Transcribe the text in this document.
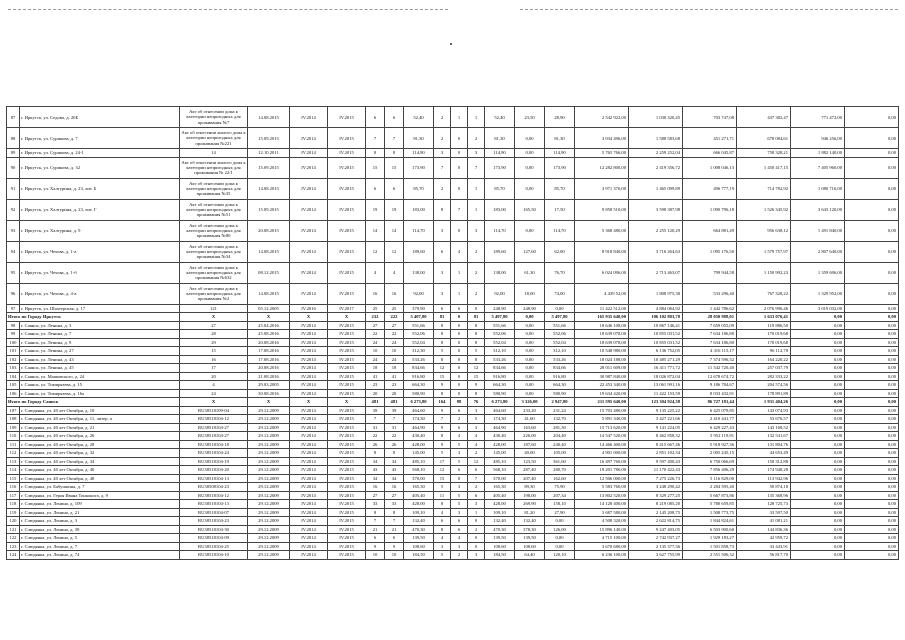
87	г. Иркутск, ул. Седова, д. 20Б	Акт об отнесении дома к категории непригодных для проживания №7	14.08.2015	IV.2014	IV.2015	6	6	52,40	2	1	1	52,40	23,50	28,90	2 542 922,00	1 030 320,45	703 747,08	437 382,47	771 472,00	0,00
88	г. Иркутск, ул. Сурикова, д. 7	Акт об отнесении жилого дома к категории непригодных для проживания №221	15.09.2015	IV.2014	IV.2015	7	7	81,30	2	0	2	81,30	0,00	81,30	3 034 496,00	1 588 583,68	451 271,71	678 084,61	946 256,00	0,00
89	г. Иркутск, ул. Сурикова, д. 24-1	14	12.10.2011	IV.2014	IV.2015	8	8	114,90	3	0	3	114,90	0,00	114,90	5 765 766,00	2 259 252,04	666 045,87	758 328,21	1 882 140,00	0,00
90	г. Иркутск, ул. Сурикова, д. 32	Акт об отнесении жилого дома к категории непригодных для проживания № 22/1	15.09.2015	IV.2014	IV.2015	15	15	173,90	7	0	7	173,90	0,00	173,90	12 282 800,00	2 419 356,72	1 008 046,13	1 450 417,15	7 405 960,00	0,00
91	г. Иркутск, ул. Халтурина, д. 23, лит. Б	Акт об отнесении дома к категории непригодных для проживания №35	14.08.2015	IV.2014	IV.2015	6	6	85,70	2	0	1	85,70	0,00	85,70	3 971 376,00	1 465 099,89	496 777,19	714 782,92	1 080 716,00	0,00
92	г. Иркутск, ул. Халтурина, д. 23, лит. Г	Акт об отнесении дома к категории непригодных для проживания №51	15.09.2015	IV.2014	IV.2015	19	19	183,00	8	7	1	183,00	165,50	17,50	9 858 510,00	3 598 387,98	1 090 796,18	1 526 345,92	3 643 120,00	0,00
93	г. Иркутск, ул. Халтурина, д. 9	Акт об отнесении дома к категории непригодных для проживания №80	20.08.2015	IV.2014	IV.2015	14	14	114,70	3	0	3	114,70	0,00	114,70	5 368 480,00	2 255 120,29	664 881,49	956 638,12	1 491 840,00	0,00
94	г. Иркутск, ул. Чехова, д. 1-а	Акт об отнесении дома к категории непригодных для проживания №34	14.08.2015	IV.2014	IV.2015	12	12	189,60	6	4	2	189,60	127,60	62,00	8 918 840,00	3 716 264,63	1 095 176,50	1 579 757,97	2 807 640,00	0,00
95	г. Иркутск, ул. Чехова, д. 1-б	Акт об отнесении дома к категории непригодных для проживания №632	08.12.2015	IV.2014	IV.2015	4	4	138,00	3	1	2	138,00	61,30	76,70	6 024 096,00	2 713 463,07	799 944,58	1 150 992,23	1 359 696,00	0,00
96	г. Иркутск, ул. Чехова, д. 4-а	Акт об отнесении дома к категории непригодных для проживания №2	14.08.2015	IV.2014	IV.2015	16	16	92,00	3	1	2	92,00	18,00	74,00	4 439 52,00	1 808 975,38	533 296,40	767 328,22	1 329 952,00	0,00
97	г. Иркутск, ул. Шахтерская, д. 17	121	05.12.2005	IV.2016	IV.2017	25	25	379,90	6	6	0	248,90	248,90	0,00	11 422 512,00	4 884 064,92	1 442 786,62	2 076 996,46	3 019 032,00	0,00
Итого по Городу Иркутск		X	X	X	X	232	222	5 407,80	81	0	81	5 497,80	0,00	5 497,80	165 935 640,00	106 102 803,78	28 050 988,01	1 633 076,41	0,00	0,00
98	г. Саянск, ул. Ленина, д. 3	27	25.04.2016	IV.2014	IV.2015	27	27	551,66	8	0	8	551,66	0,00	551,66	18 646 108,00	10 867 146,41	7 659 055,09	119 886,50	0,00	0,00
99	г. Саянск, ул. Ленина, д. 7	28	25.08.2016	IV.2014	IV.2015	22	22	552,06	8	0	8	552,06	0,00	552,06	18 639 078,00	10 855 031,52	7 634 186,80	170 019,68	0,00	0,00
100	г. Саянск, ул. Ленина, д. 9	29	20.08.2016	IV.2014	IV.2015	24	24	552,04	8	0	8	552,04	0,00	552,04	18 639 078,00	10 855 031,52	7 634 186,80	170 019,68	0,00	0,00
101	г. Саянск, ул. Ленина, д. 27	15	17.08.2016	IV.2014	IV.2015	10	10	312,30	5	0	5	312,10	0,00	312,10	10 548 980,00	6 136 752,05	4 316 115,17	96 112,78	0,00	0,00
102	г. Саянск, ул. Ленина, д. 43	16	17.08.2016	IV.2014	IV.2015	24	24	533,26	8	0	8	533,26	0,00	533,26	18 024 188,00	10 485 271,29	7 374 596,52	164 220,22	0,00	0,00
103	г. Саянск, ул. Ленина, д. 45	17	20.08.2016	IV.2014	IV.2015	18	18	834,66	12	0	12	834,66	0,00	834,66	28 011 609,00	16 411 771,72	11 542 720,40	257 037,79	0,00	0,00
104	г. Саянск, ул. Маяковского, д. 24	20	21.08.2016	IV.2014	IV.2015	41	41	916,80	15	0	15	916,80	0,00	916,80	30 987 840,00	18 026 872,04	12 678 674,72	282 333,22	0,00	0,00
105	г. Саянск, ул. Тимирязева, д. 15	4	29.03.2005	IV.2014	IV.2015	23	23	664,30	9	0	9	664,30	0,00	664,30	22 453 340,00	13 061 991,16	9 186 784,67	204 574,56	0,00	0,00
106	г. Саянск, ул. Тимирязева, д. 16а	24	30.08.2016	IV.2014	IV.2015	20	20	580,90	8	0	8	580,90	0,00	580,90	19 634 420,00	11 422 153,59	8 033 432,91	178 891,89	0,00	0,00
Итого по Городу Саянск		X	X	X	X	481	481	6 273,80	164	88	76	6 273,80	3 326,00	2 947,80	211 595 640,00	123 304 924,38	86 727 181,44	1 931 404,26	0,00	0,00
107	г. Слюдянка, ул. 40 лет Октября, д. 10	RU38518109-04	29.12.2009	IV.2014	IV.2015	39	39	464,60	9	6	3	464,60	233,20	231,24	15 703 480,00	9 135 225,22	6 425 079,85	143 074,93	0,00	0,00
108	г. Слюдянка, ул. 40 лет Октября, д. 11, литер. а	RU38518104-12	29.12.2009	IV.2014	IV.2015	7	7	174,30	7	2	5	174,30	41,60	132,70	5 891 340,00	3 427 221,66	2 410 441,77	53 676,57	0,00	0,00
109	г. Слюдянка, ул. 40 лет Октября, д. 21	RU38518104-27	29.12.2009	IV.2014	IV.2015	31	31	464,90	9	6	3	464,90	163,60	281,30	15 713 620,00	9 141 224,05	6 429 227,43	143 168,52	0,00	0,00
110	г. Слюдянка, ул. 40 лет Октября, д. 26	RU38518104-27	29.12.2009	IV.2014	IV.2015	22	22	430,40	8	4	4	430,40	226,00	204,40	14 547 520,00	8 462 858,32	5 952 119,91	132 541,67	0,00	0,00
111	г. Слюдянка, ул. 40 лет Октября, д. 28	RU38518104-18	29.12.2009	IV.2014	IV.2015	26	26	428,00	9	5	4	428,00	187,60	240,40	14 466 400,00	8 415 667,46	5 918 927,36	131 804,76	0,00	0,00
112	г. Слюдянка, ул. 40 лет Октября, д. 32	RU38518104-24	29.12.2009	IV.2014	IV.2015	8	8	145,00	5	3	2	145,00	40,00	105,00	4 901 000,00	2 851 102,34	2 005 245,15	44 653,49	0,00	0,00
113	г. Слюдянка, ул. 40 лет Октября, д. 34	RU38518104-19	29.12.2009	IV.2014	IV.2015	34	34	485,10	17	5	12	485,10	123,50	361,60	16 497 760,00	9 597 400,43	6 750 066,69	150 312,88	0,00	0,00
114	г. Слюдянка, ул. 40 лет Октября, д. 40	RU38518104-20	29.12.2009	IV.2014	IV.2015	43	43	568,10	12	6	6	568,10	287,40	280,70	19 201 780,00	11 170 422,43	7 856 406,29	174 948,28	0,00	0,00
115	г. Слюдянка, ул. 40 лет Октября, д. 48	RU38518104-13	29.12.2009	IV.2014	IV.2015	34	34	370,00	15	8	7	370,00	207,40	162,60	12 506 000,00	7 275 226,73	5 116 829,00	113 942,96	0,00	0,00
116	г. Слюдянка, ул. Бабушкина, д. 7	RU38508104-23	29.12.2009	IV.2014	IV.2015	16	16	165,30	5	3	2	165,30	89,30	75,90	5 583 760,00	3 248 290,42	2 284 595,40	50 874,18	0,00	0,00
117	г. Слюдянка, ул. Героя Ивана Тонконога, д. 9	RU38518104-12	29.12.2009	IV.2014	IV.2015	27	27	405,40	11	5	6	405,40	198,00	207,34	13 802 520,00	8 329 277,25	5 667 873,86	135 368,96	0,00	0,00
118	г. Слюдянка, ул. Ленина, д. 109	RU38518104-13	29.12.2009	IV.2014	IV.2015	33	33	428,00	8	5	3	428,00	269,90	158,10	14 128 400,00	8 219 085,20	5 780 659,85	128 725,73	0,00	0,00
119	г. Слюдянка, ул. Ленина, д. 21	RU38518104-07	29.12.2009	IV.2014	IV.2015	8	8	109,10	4	3	1	109,10	81,20	27,90	3 687 580,00	2 145 208,75	1 508 773,75	33 597,50	0,00	0,00
120	г. Слюдянка, ул. Ленина, д. 3	RU38518104-23	29.12.2009	IV.2014	IV.2015	7	7	132,40	6	6	0	132,40	132,40	0,00	4 508 320,00	2 622 814,75	1 844 824,61	41 081,21	0,00	0,00
121	г. Слюдянка, ул. Ленина, д. 38	RU38518104-30	29.12.2009	IV.2014	IV.2015	21	21	470,30	8	6	2	470,30	378,30	126,00	15 896 140,00	9 247 403,05	6 503 900,60	144 836,36	0,00	0,00
122	г. Слюдянка, ул. Ленина, д. 5	RU38518104-09	29.12.2009	IV.2014	IV.2015	6	6	139,50	4	4	0	139,50	139,50	0,00	4 715 100,00	2 742 937,27	1 929 183,27	42 959,72	0,00	0,00
123	г. Слюдянка, ул. Ленина, д. 7	RU38518104-25	29.12.2009	IV.2014	IV.2015	9	9	108,60	3	3	0	108,60	108,60	0,00	3 670 680,00	2 135 377,36	1 501 858,73	33 443,91	0,00	0,00
124	г. Слюдянка, ул. Ленина, д. 74	RU38518104-10	29.12.2009	IV.2014	IV.2015	10	10	184,50	5	2	3	184,50	64,40	120,10	6 236 100,00	3 627 755,99	2 551 506,32	56 817,70	0,00	0,00
